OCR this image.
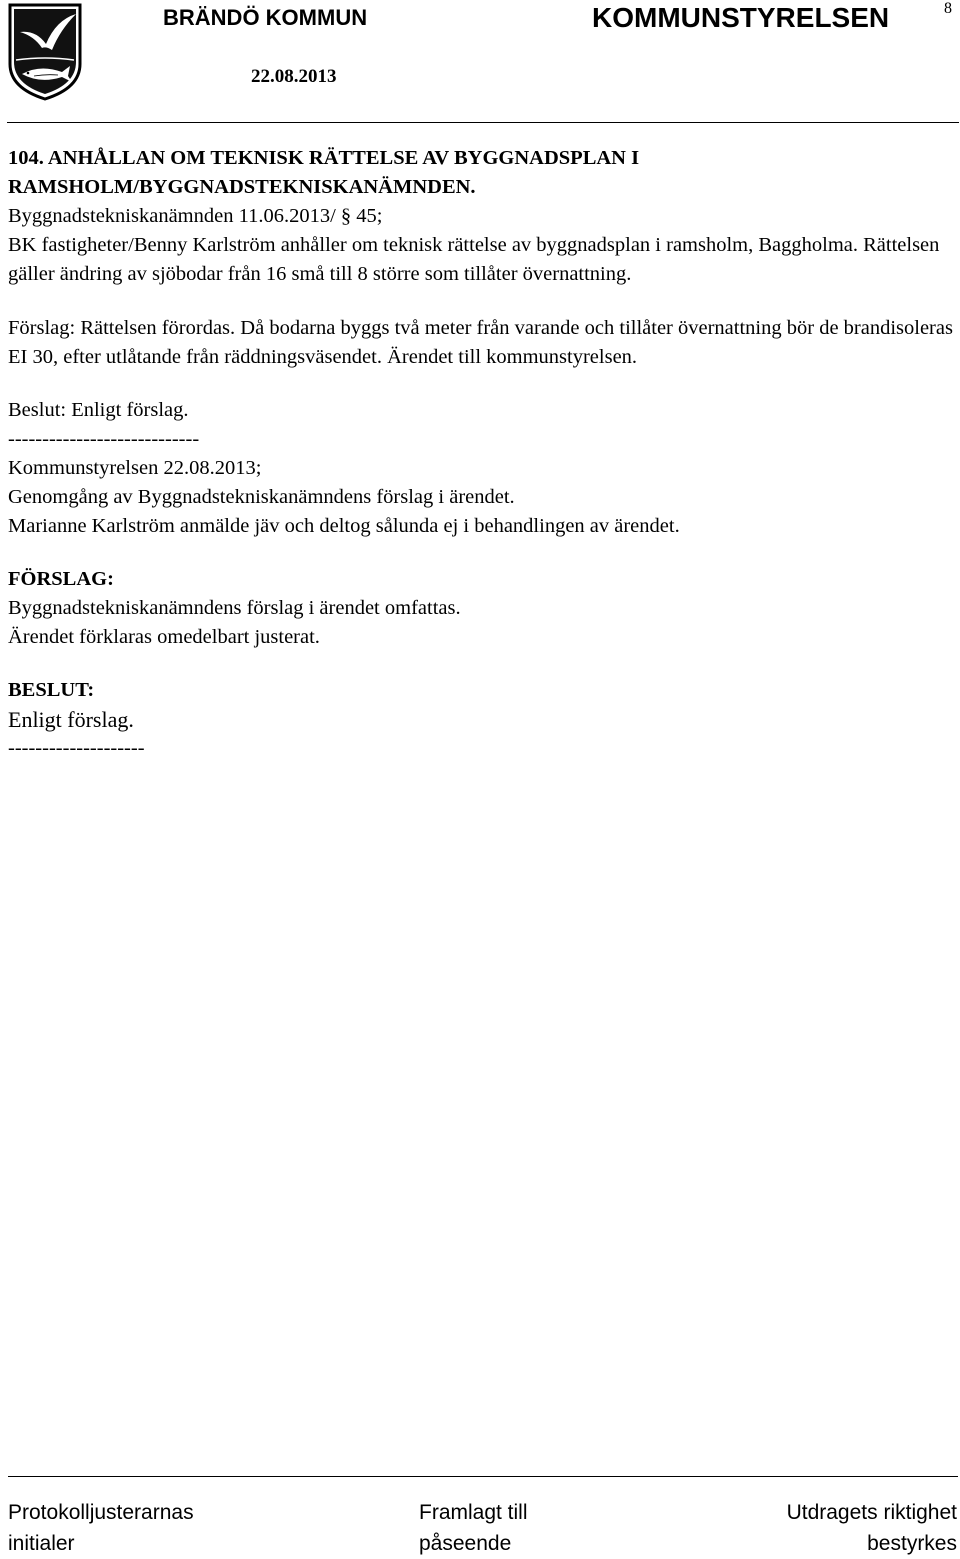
BRÄNDÖ KOMMUN	KOMMUNSTYRELSEN	8
22.08.2013

104. ANHÅLLAN OM TEKNISK RÄTTELSE AV BYGGNADSPLAN I

RAMSHOLM/BYGGNADSTEKNISKANÄMNDEN.

Byggnadstekniskanämnden 11.06.2013/ § 45;

BK fastigheter/Benny Karlström anhåller om teknisk rättelse av byggnadsplan i ramsholm, Baggholma. Rättelsen gäller ändring av sjöbodar från 16 små till 8 större som tillåter övernattning.

Förslag: Rättelsen förordas. Då bodarna byggs två meter från varande och tillåter övernattning bör de brandisoleras EI 30, efter utlåtande från räddningsväsendet. Ärendet till kommunstyrelsen.

Beslut: Enligt förslag.

----------------------------

Kommunstyrelsen 22.08.2013;

Genomgång av Byggnadstekniskanämndens förslag i ärendet.

Marianne Karlström anmälde jäv och deltog sålunda ej i behandlingen av ärendet.

FÖRSLAG:

Byggnadstekniskanämndens förslag i ärendet omfattas.

Ärendet förklaras omedelbart justerat.

BESLUT:

Enligt förslag.

--------------------

Protokolljusterarnas
initialer
Framlagt till
påseende
Utdragets riktighet
bestyrkes
